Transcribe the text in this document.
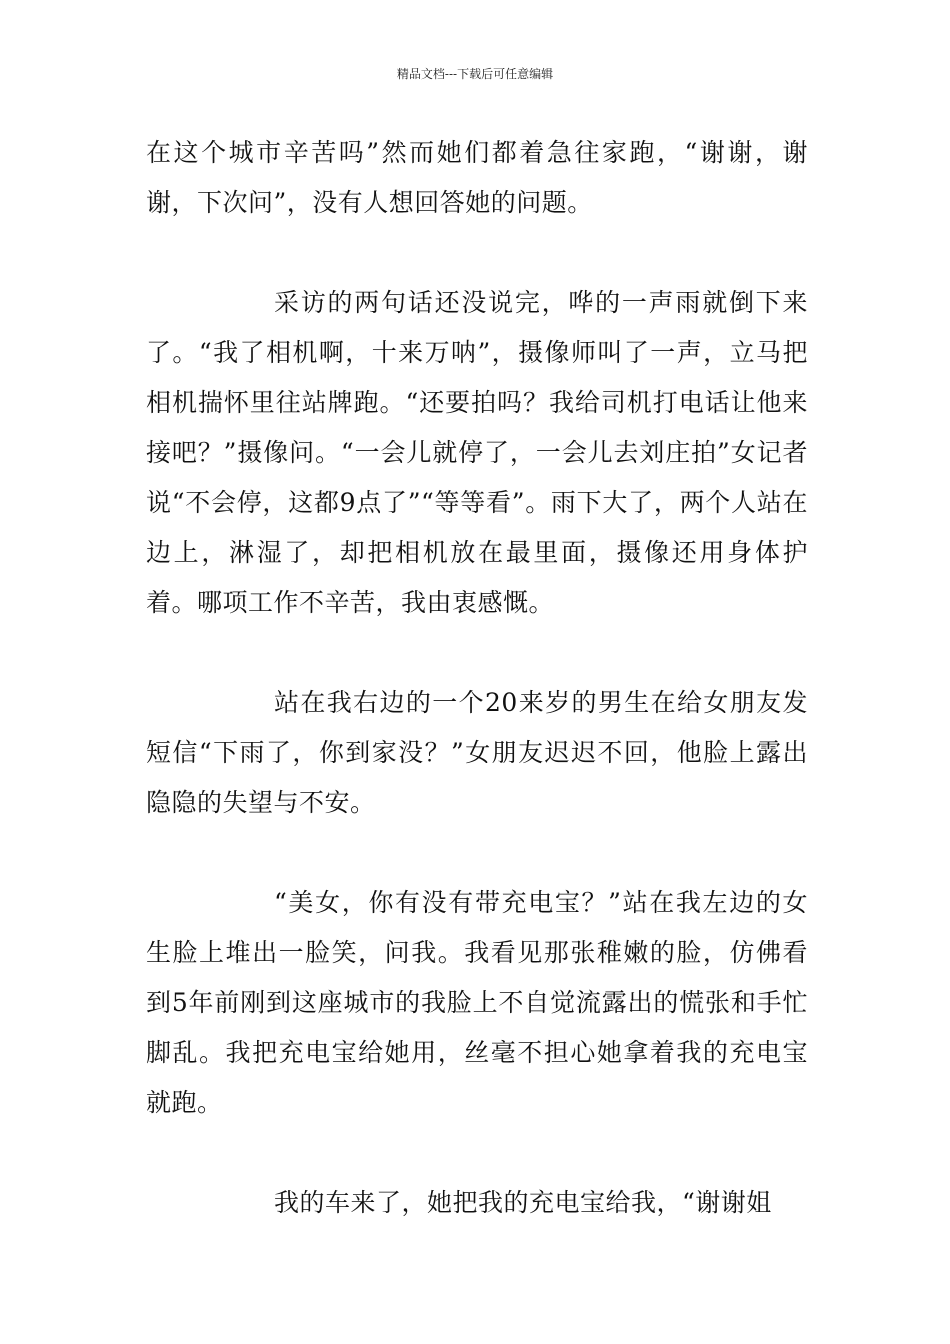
精品文档---下载后可任意编辑

在这个城市辛苦吗”然而她们都着急往家跑，“谢谢，谢谢，下次问”，没有人想回答她的问题。

采访的两句话还没说完，哗的一声雨就倒下来了。“我了相机啊，十来万呐”，摄像师叫了一声，立马把相机揣怀里往站牌跑。“还要拍吗？我给司机打电话让他来接吧？”摄像问。“一会儿就停了，一会儿去刘庄拍”女记者说“不会停，这都9点了”“等等看”。雨下大了，两个人站在边上，淋湿了，却把相机放在最里面，摄像还用身体护着。哪项工作不辛苦，我由衷感慨。

站在我右边的一个20来岁的男生在给女朋友发短信“下雨了，你到家没？”女朋友迟迟不回，他脸上露出隐隐的失望与不安。

“美女，你有没有带充电宝？”站在我左边的女生脸上堆出一脸笑，问我。我看见那张稚嫩的脸，仿佛看到5年前刚到这座城市的我脸上不自觉流露出的慌张和手忙脚乱。我把充电宝给她用，丝毫不担心她拿着我的充电宝就跑。

我的车来了，她把我的充电宝给我，“谢谢姐
